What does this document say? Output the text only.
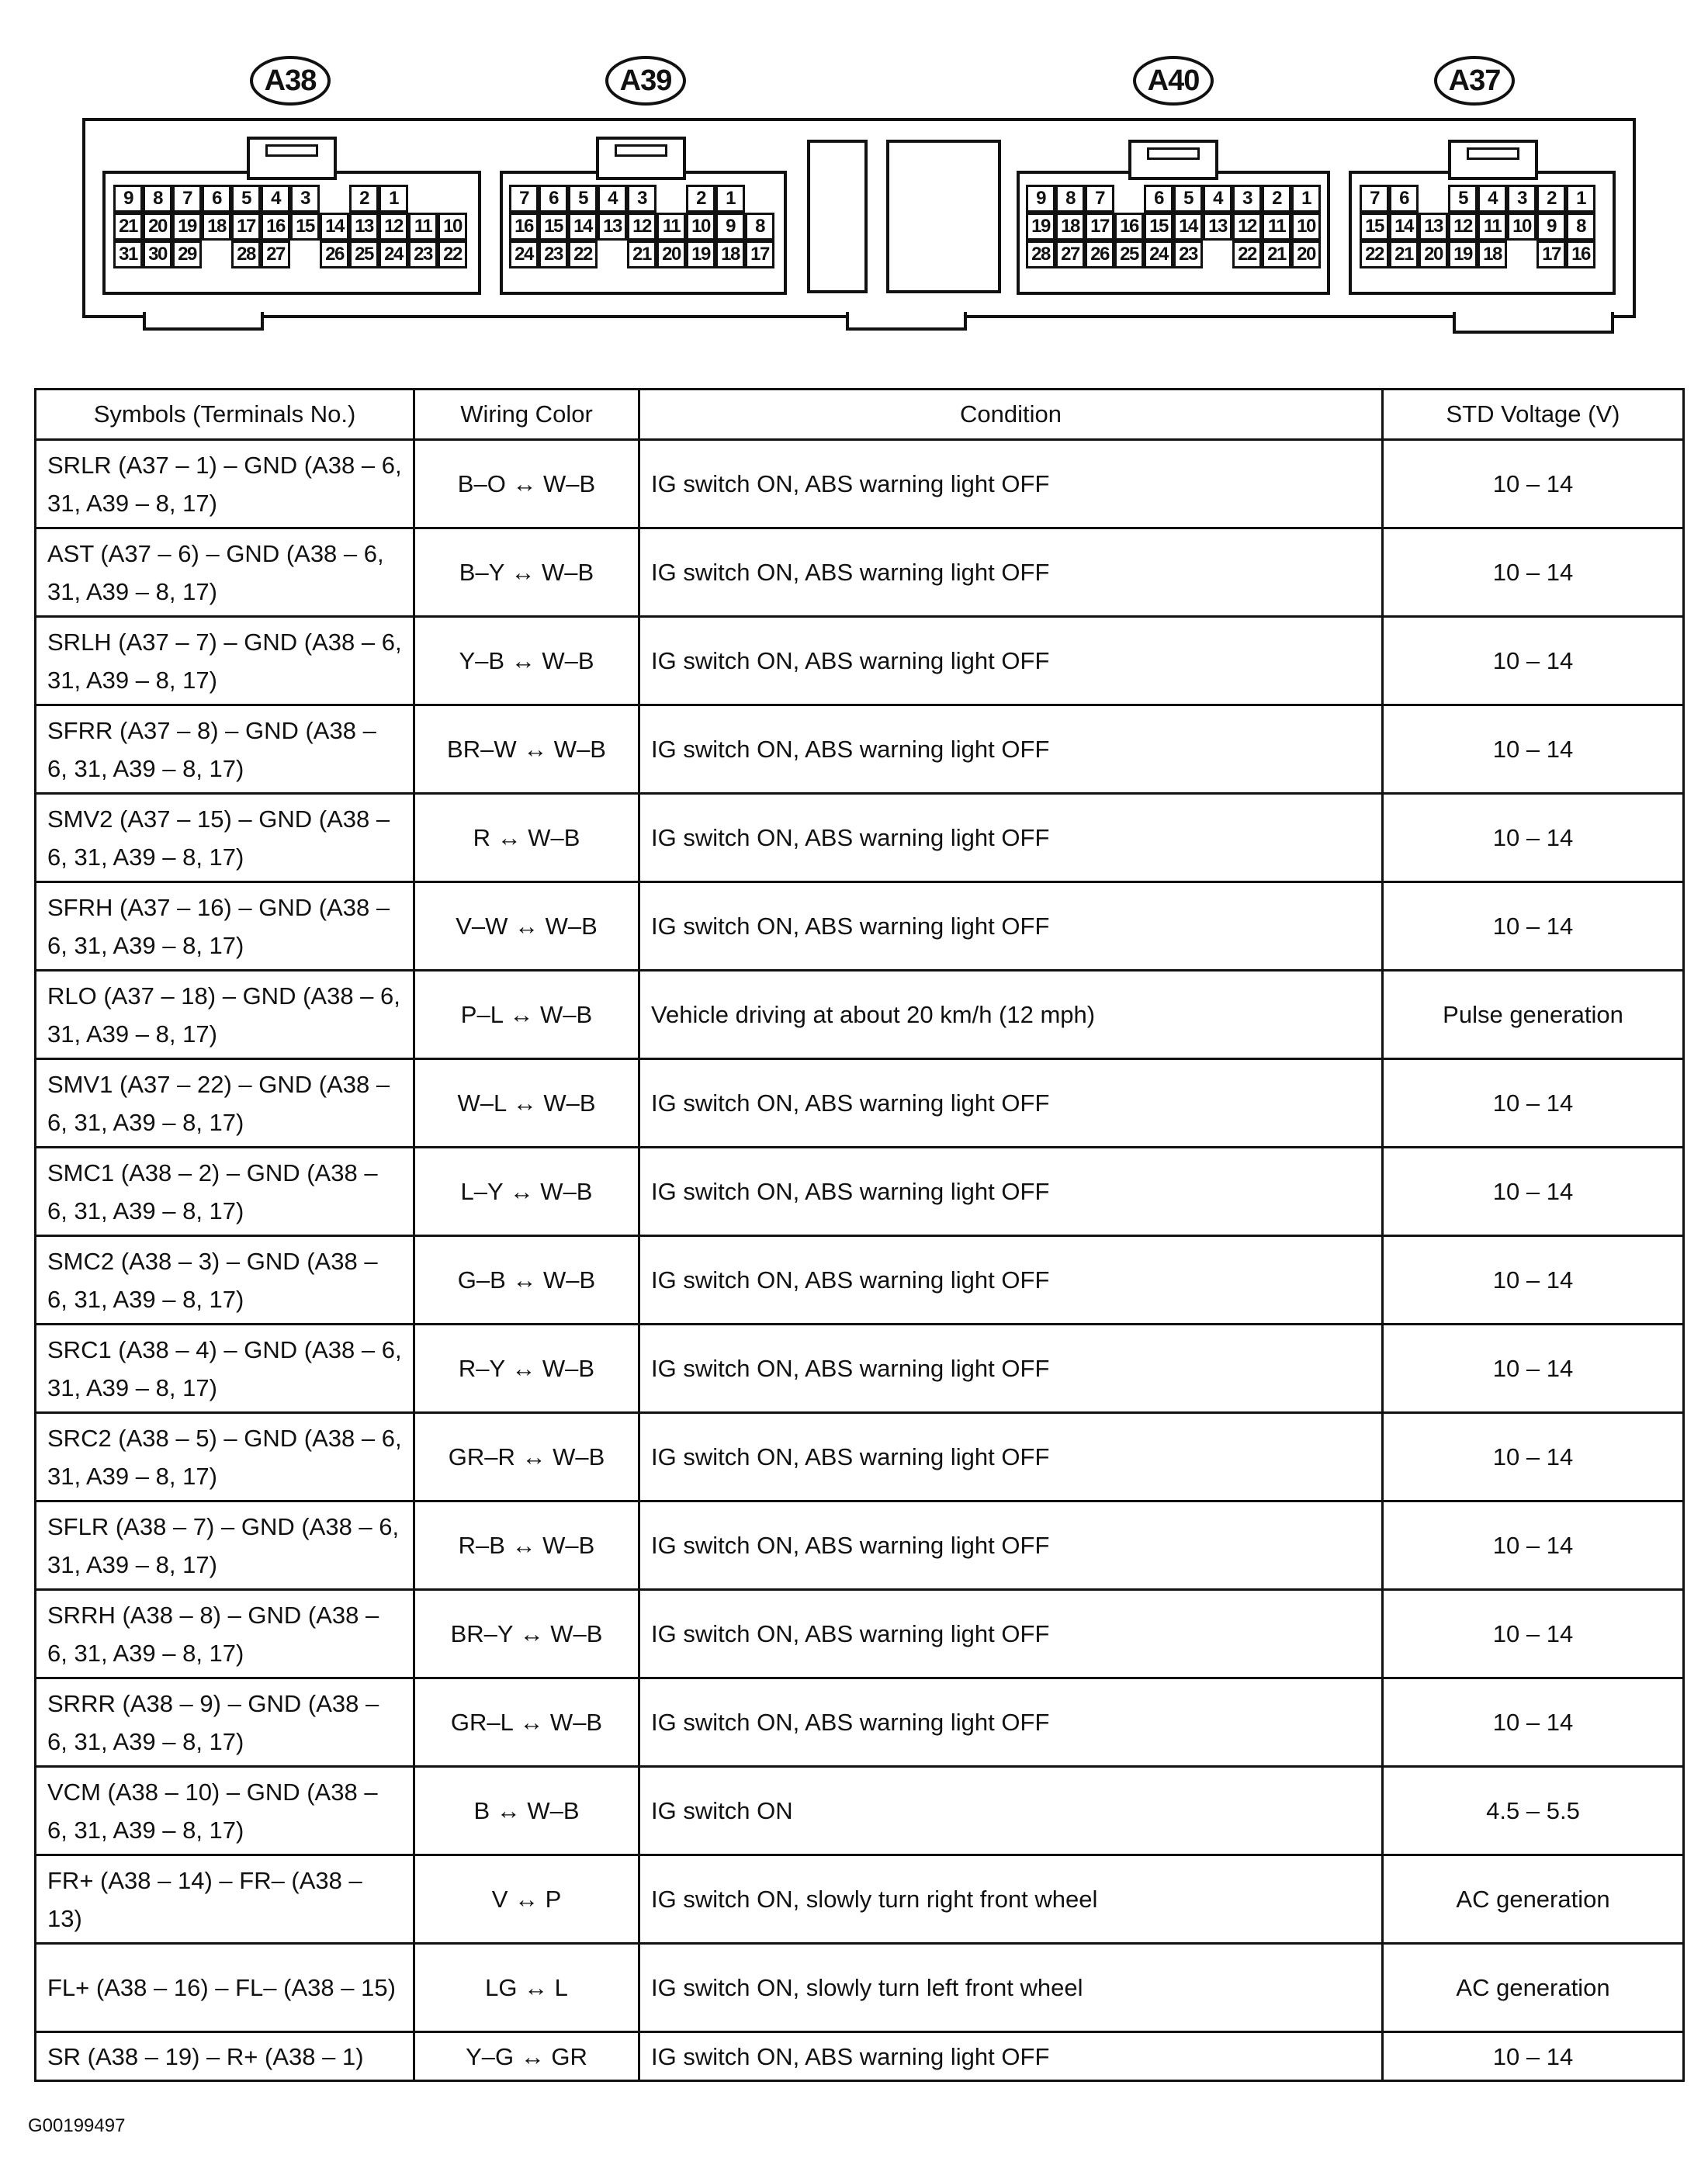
A38	A39	A40	A37
9	8	7	6	5	4	3	2	1
21 20 19 18 17 16 15 14 13 12 11 10
31 30 29 28 27 26 25 24 23 22
7	6	5	4	3	2	1
16 15 14 13 12 11 10 9	8
24 23 22 21 20 19 18 17
9	8	7	6	5	4	3	2	1
19 18 17 16 15 14 13 12 11 10
28 27 26 25 24 23 22 21 20
7	6	5	4	3	2	1
15 14 13 12 11 10 9	8
22 21 20 19 18 17 16
Symbols (Terminals No.)	Wiring Color	Condition	STD Voltage (V)
SRLR (A37 – 1) – GND (A38 – 6, 31, A39 – 8, 17)	B–O ↔ W–B	IG switch ON, ABS warning light OFF	10 – 14
AST (A37 – 6) – GND (A38 – 6, 31, A39 – 8, 17)	B–Y ↔ W–B	IG switch ON, ABS warning light OFF	10 – 14
SRLH (A37 – 7) – GND (A38 – 6, 31, A39 – 8, 17)	Y–B ↔ W–B	IG switch ON, ABS warning light OFF	10 – 14
SFRR (A37 – 8) – GND (A38 – 6, 31, A39 – 8, 17)	BR–W ↔ W–B	IG switch ON, ABS warning light OFF	10 – 14
SMV2 (A37 – 15) – GND (A38 – 6, 31, A39 – 8, 17)	R ↔ W–B	IG switch ON, ABS warning light OFF	10 – 14
SFRH (A37 – 16) – GND (A38 – 6, 31, A39 – 8, 17)	V–W ↔ W–B	IG switch ON, ABS warning light OFF	10 – 14
RLO (A37 – 18) – GND (A38 – 6, 31, A39 – 8, 17)	P–L ↔ W–B	Vehicle driving at about 20 km/h (12 mph)	Pulse generation
SMV1 (A37 – 22) – GND (A38 – 6, 31, A39 – 8, 17)	W–L ↔ W–B	IG switch ON, ABS warning light OFF	10 – 14
SMC1 (A38 – 2) – GND (A38 – 6, 31, A39 – 8, 17)	L–Y ↔ W–B	IG switch ON, ABS warning light OFF	10 – 14
SMC2 (A38 – 3) – GND (A38 – 6, 31, A39 – 8, 17)	G–B ↔ W–B	IG switch ON, ABS warning light OFF	10 – 14
SRC1 (A38 – 4) – GND (A38 – 6, 31, A39 – 8, 17)	R–Y ↔ W–B	IG switch ON, ABS warning light OFF	10 – 14
SRC2 (A38 – 5) – GND (A38 – 6, 31, A39 – 8, 17)	GR–R ↔ W–B	IG switch ON, ABS warning light OFF	10 – 14
SFLR (A38 – 7) – GND (A38 – 6, 31, A39 – 8, 17)	R–B ↔ W–B	IG switch ON, ABS warning light OFF	10 – 14
SRRH (A38 – 8) – GND (A38 – 6, 31, A39 – 8, 17)	BR–Y ↔ W–B	IG switch ON, ABS warning light OFF	10 – 14
SRRR (A38 – 9) – GND (A38 – 6, 31, A39 – 8, 17)	GR–L ↔ W–B	IG switch ON, ABS warning light OFF	10 – 14
VCM (A38 – 10) – GND (A38 – 6, 31, A39 – 8, 17)	B ↔ W–B	IG switch ON	4.5 – 5.5
FR+ (A38 – 14) – FR– (A38 – 13)	V ↔ P	IG switch ON, slowly turn right front wheel	AC generation
FL+ (A38 – 16) – FL– (A38 – 15)	LG ↔ L	IG switch ON, slowly turn left front wheel	AC generation
SR (A38 – 19) – R+ (A38 – 1)	Y–G ↔ GR	IG switch ON, ABS warning light OFF	10 – 14
G00199497
